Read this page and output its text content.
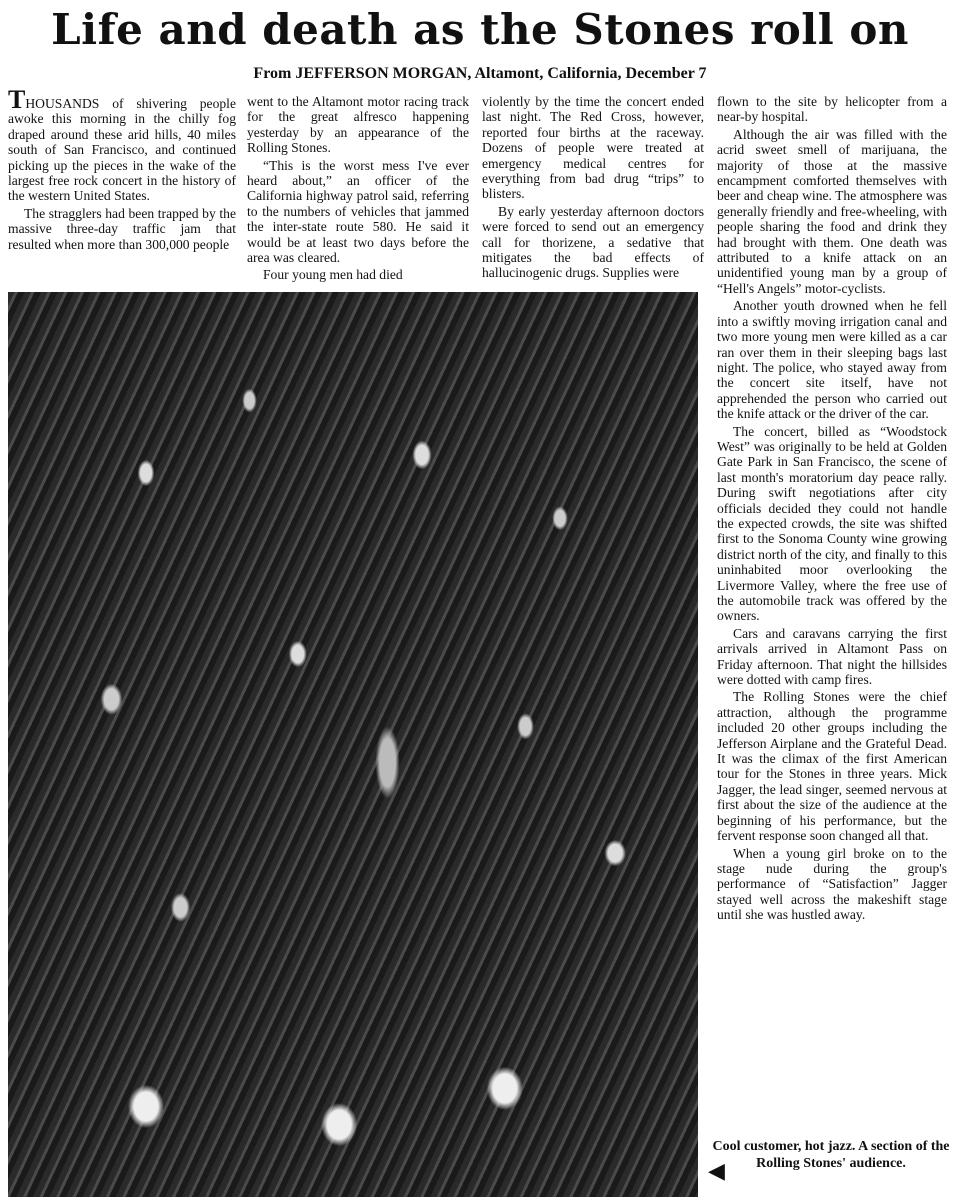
Life and death as the Stones roll on
From JEFFERSON MORGAN, Altamont, California, December 7

THOUSANDS of shivering people awoke this morning in the chilly fog draped around these arid hills, 40 miles south of San Francisco, and continued picking up the pieces in the wake of the largest free rock concert in the history of the western United States.

The stragglers had been trapped by the massive three-day traffic jam that resulted when more than 300,000 people

went to the Altamont motor racing track for the great alfresco happening yesterday by an appearance of the Rolling Stones.

“This is the worst mess I've ever heard about,” an officer of the California highway patrol said, referring to the numbers of vehicles that jammed the inter-state route 580. He said it would be at least two days before the area was cleared.

Four young men had died

violently by the time the concert ended last night. The Red Cross, however, reported four births at the raceway. Dozens of people were treated at emergency medical centres for everything from bad drug “trips” to blisters.

By early yesterday afternoon doctors were forced to send out an emergency call for thorizene, a sedative that mitigates the bad effects of hallucinogenic drugs. Supplies were

flown to the site by helicopter from a near-by hospital.

Although the air was filled with the acrid sweet smell of marijuana, the majority of those at the massive encampment comforted themselves with beer and cheap wine. The atmosphere was generally friendly and free-wheeling, with people sharing the food and drink they had brought with them. One death was attributed to a knife attack on an unidentified young man by a group of “Hell's Angels” motor-cyclists.

Another youth drowned when he fell into a swiftly moving irrigation canal and two more young men were killed as a car ran over them in their sleeping bags last night. The police, who stayed away from the concert site itself, have not apprehended the person who carried out the knife attack or the driver of the car.

The concert, billed as “Woodstock West” was originally to be held at Golden Gate Park in San Francisco, the scene of last month's moratorium day peace rally. During swift negotiations after city officials decided they could not handle the expected crowds, the site was shifted first to the Sonoma County wine growing district north of the city, and finally to this uninhabited moor overlooking the Livermore Valley, where the free use of the automobile track was offered by the owners.

Cars and caravans carrying the first arrivals arrived in Altamont Pass on Friday afternoon. That night the hillsides were dotted with camp fires.

The Rolling Stones were the chief attraction, although the programme included 20 other groups including the Jefferson Airplane and the Grateful Dead. It was the climax of the first American tour for the Stones in three years. Mick Jagger, the lead singer, seemed nervous at first about the size of the audience at the beginning of his performance, but the fervent response soon changed all that.

When a young girl broke on to the stage nude during the group's performance of “Satisfaction” Jagger stayed well across the makeshift stage until she was hustled away.

◀
Cool customer, hot jazz. A section of the Rolling Stones' audience.
